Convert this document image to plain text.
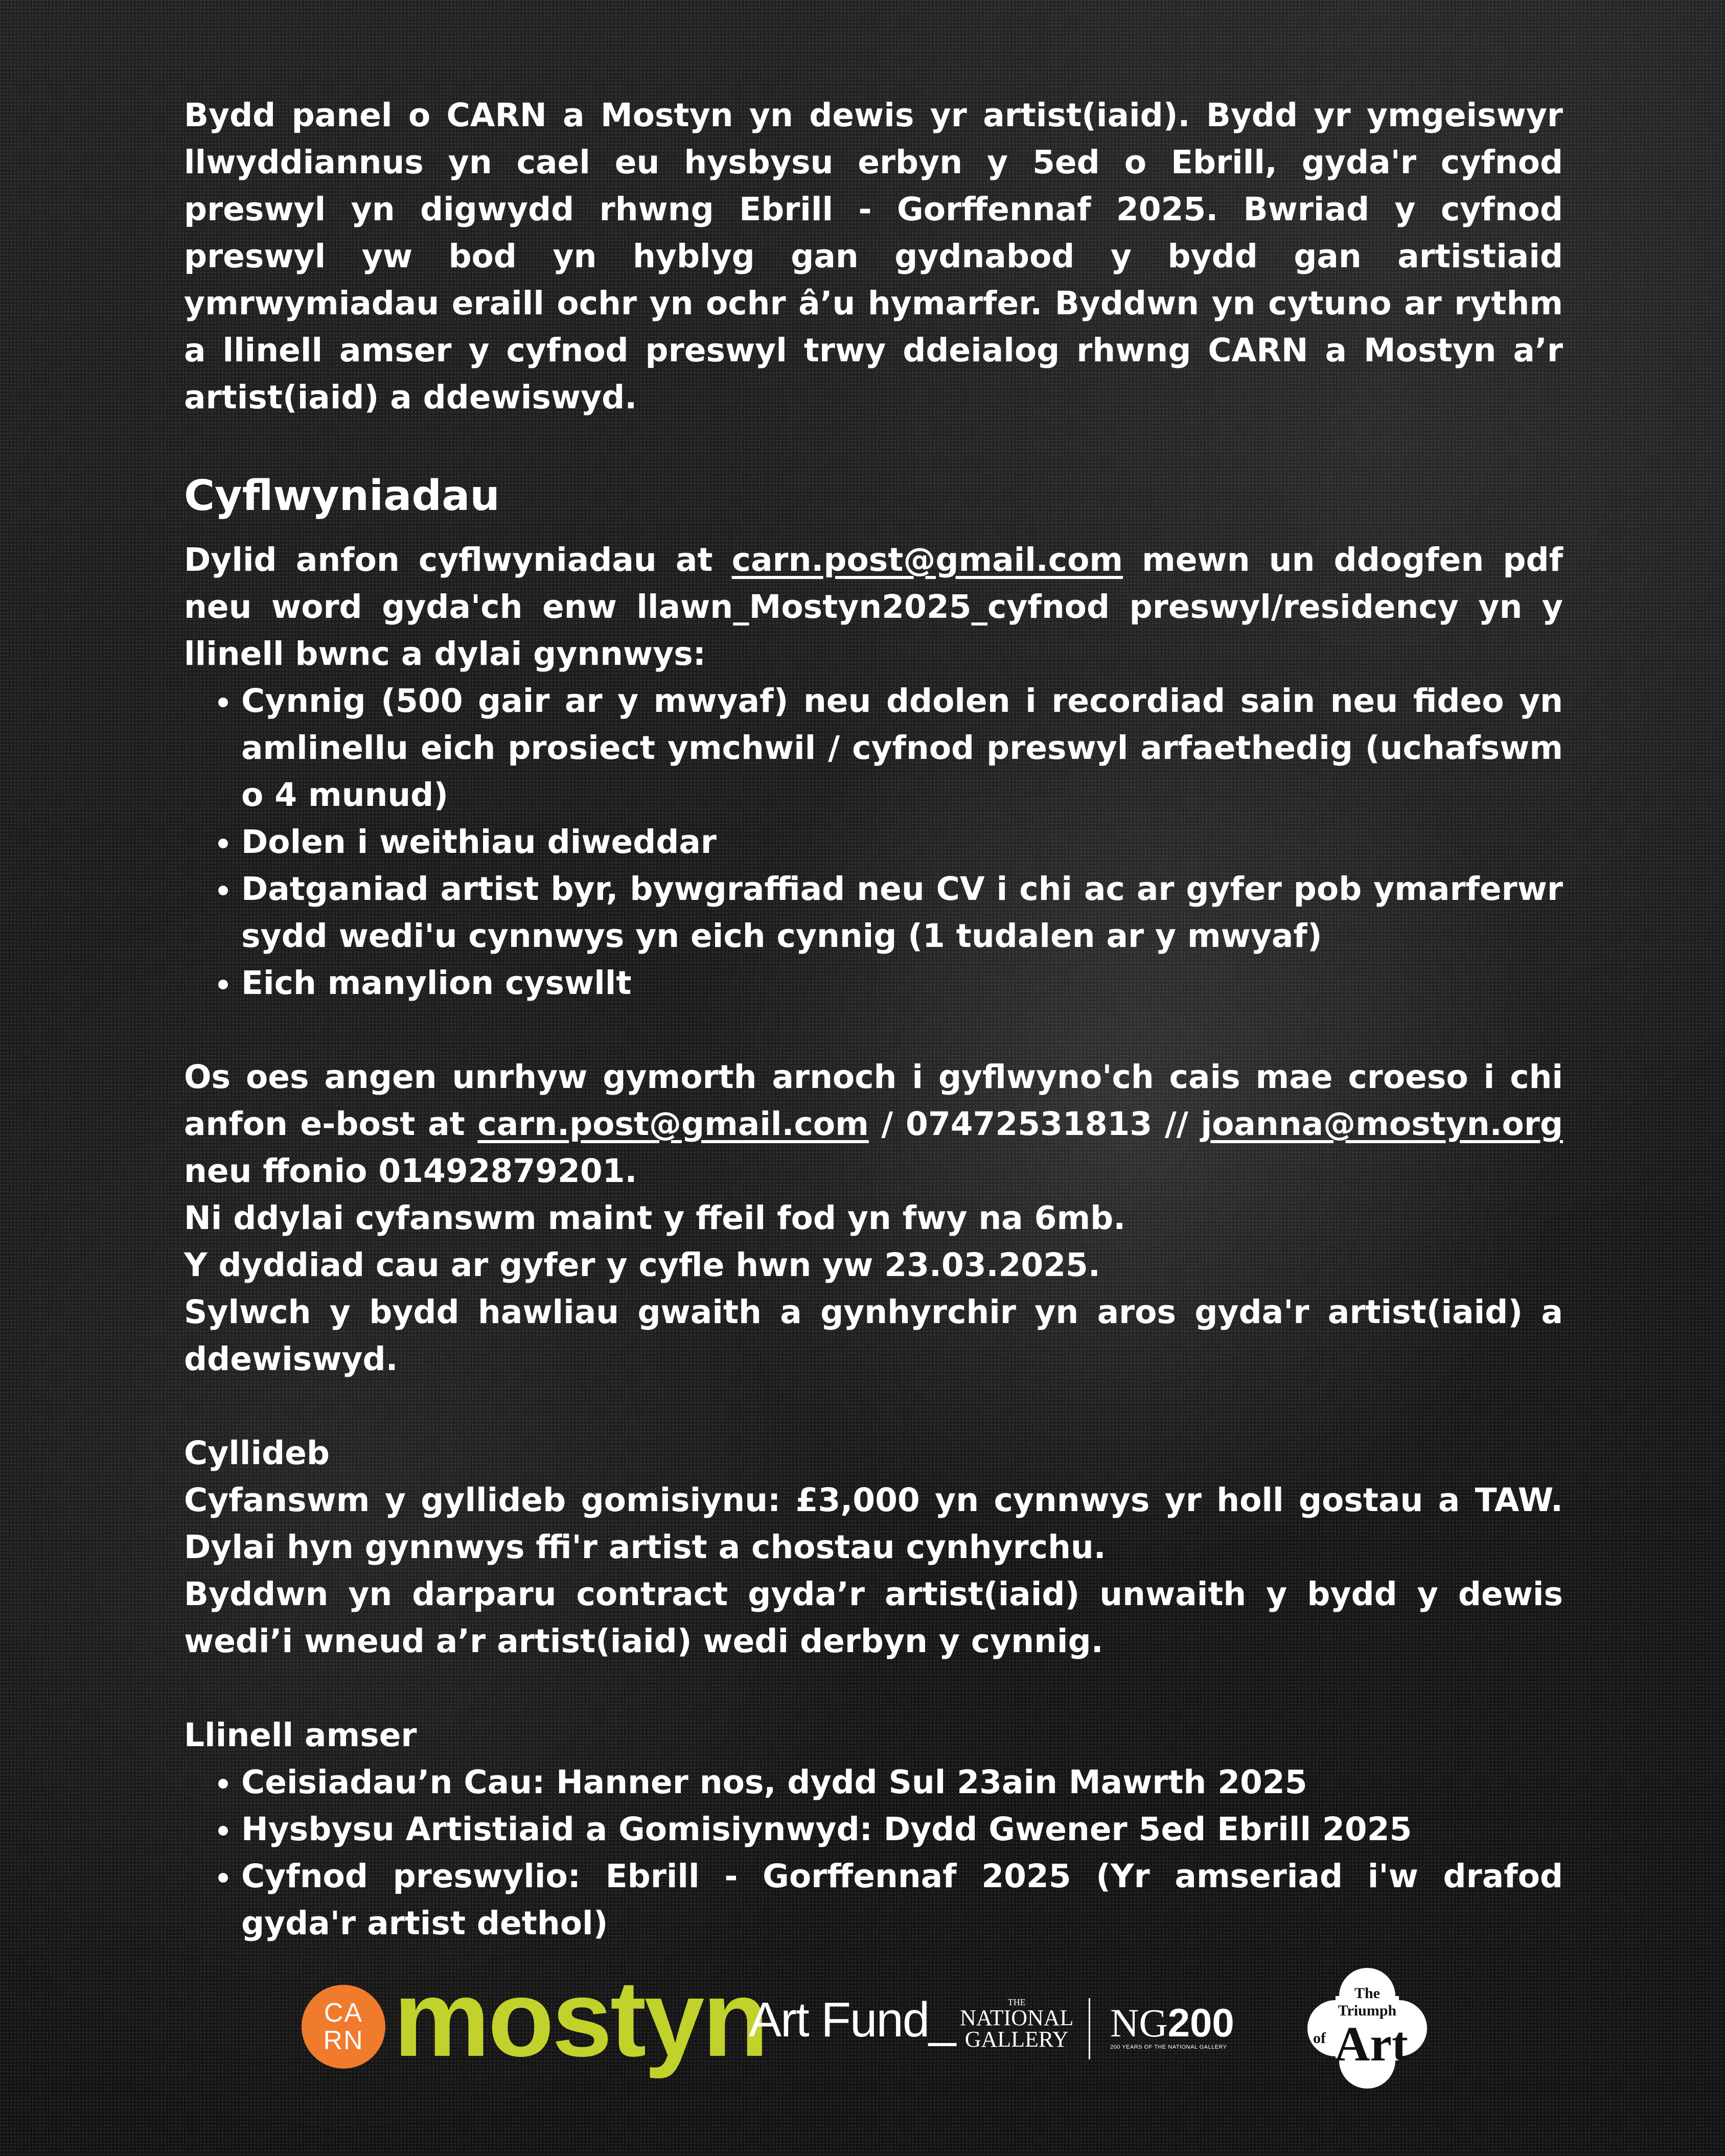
Bydd panel o CARN a Mostyn yn dewis yr artist(iaid). Bydd yr ymgeiswyr llwyddiannus yn cael eu hysbysu erbyn y 5ed o Ebrill, gyda'r cyfnod preswyl yn digwydd rhwng Ebrill - Gorffennaf 2025. Bwriad y cyfnod preswyl yw bod yn hyblyg gan gydnabod y bydd gan artistiaid ymrwymiadau eraill ochr yn ochr â’u hymarfer. Byddwn yn cytuno ar rythm a llinell amser y cyfnod preswyl trwy ddeialog rhwng CARN a Mostyn a’r artist(iaid) a ddewiswyd.

Cyflwyniadau

Dylid anfon cyflwyniadau at carn.post@gmail.com mewn un ddogfen pdf neu word gyda'ch enw llawn_Mostyn2025_cyfnod preswyl/residency yn y llinell bwnc a dylai gynnwys:

• Cynnig (500 gair ar y mwyaf) neu ddolen i recordiad sain neu fideo yn amlinellu eich prosiect ymchwil / cyfnod preswyl arfaethedig (uchafswm o 4 munud)
• Dolen i weithiau diweddar
• Datganiad artist byr, bywgraffiad neu CV i chi ac ar gyfer pob ymarferwr sydd wedi'u cynnwys yn eich cynnig (1 tudalen ar y mwyaf)
• Eich manylion cyswllt

Os oes angen unrhyw gymorth arnoch i gyflwyno'ch cais mae croeso i chi anfon e-bost at carn.post@gmail.com / 07472531813 // joanna@mostyn.org neu ffonio 01492879201.

Ni ddylai cyfanswm maint y ffeil fod yn fwy na 6mb.

Y dyddiad cau ar gyfer y cyfle hwn yw 23.03.2025.

Sylwch y bydd hawliau gwaith a gynhyrchir yn aros gyda'r artist(iaid) a ddewiswyd.

Cyllideb

Cyfanswm y gyllideb gomisiynu: £3,000 yn cynnwys yr holl gostau a TAW. Dylai hyn gynnwys ffi'r artist a chostau cynhyrchu.

Byddwn yn darparu contract gyda’r artist(iaid) unwaith y bydd y dewis wedi’i wneud a’r artist(iaid) wedi derbyn y cynnig.

Llinell amser

• Ceisiadau’n Cau: Hanner nos, dydd Sul 23ain Mawrth 2025
• Hysbysu Artistiaid a Gomisiynwyd: Dydd Gwener 5ed Ebrill 2025
• Cyfnod preswylio: Ebrill - Gorffennaf 2025 (Yr amseriad i'w drafod gyda'r artist dethol)
CA
RN mostyn
Art Fund_	THE
NATIONAL
GALLERY NG200
200 YEARS OF THE NATIONAL GALLERY
The
Triumph
of Art
